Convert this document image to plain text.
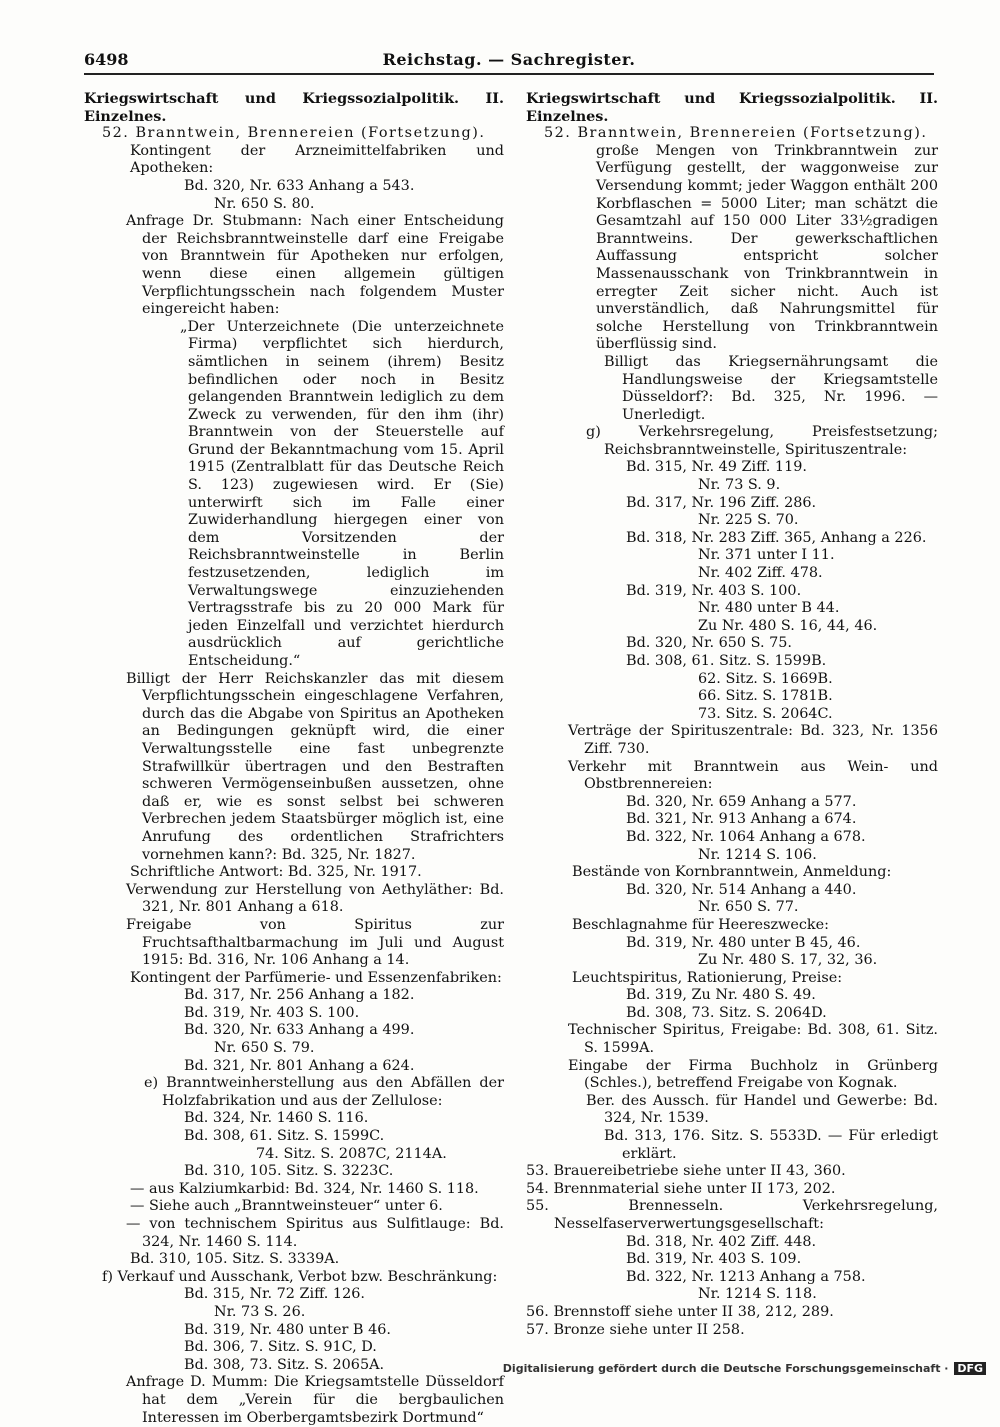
6498	Reichstag. — Sachregister.

Kriegswirtschaft und Kriegssozialpolitik. II. Einzelnes.

52. Branntwein, Brennereien (Fortsetzung).

Kontingent der Arzneimittelfabriken und Apotheken:

Bd. 320, Nr. 633 Anhang a 543.

Nr. 650 S. 80.

Anfrage Dr. Stubmann: Nach einer Entscheidung der Reichsbranntweinstelle darf eine Freigabe von Branntwein für Apotheken nur erfolgen, wenn diese einen allgemein gültigen Verpflichtungsschein nach folgendem Muster eingereicht haben:

„Der Unterzeichnete (Die unterzeichnete Firma) verpflichtet sich hierdurch, sämtlichen in seinem (ihrem) Besitz befindlichen oder noch in Besitz gelangenden Branntwein lediglich zu dem Zweck zu verwenden, für den ihm (ihr) Branntwein von der Steuerstelle auf Grund der Bekanntmachung vom 15. April 1915 (Zentralblatt für das Deutsche Reich S. 123) zugewiesen wird. Er (Sie) unterwirft sich im Falle einer Zuwiderhandlung hiergegen einer von dem Vorsitzenden der Reichsbranntweinstelle in Berlin festzusetzenden, lediglich im Verwaltungswege einzuziehenden Vertragsstrafe bis zu 20 000 Mark für jeden Einzelfall und verzichtet hierdurch ausdrücklich auf gerichtliche Entscheidung.“

Billigt der Herr Reichskanzler das mit diesem Verpflichtungsschein eingeschlagene Verfahren, durch das die Abgabe von Spiritus an Apotheken an Bedingungen geknüpft wird, die einer Verwaltungsstelle eine fast unbegrenzte Strafwillkür übertragen und den Bestraften schweren Vermögenseinbußen aussetzen, ohne daß er, wie es sonst selbst bei schweren Verbrechen jedem Staatsbürger möglich ist, eine Anrufung des ordentlichen Strafrichters vornehmen kann?: Bd. 325, Nr. 1827.

Schriftliche Antwort: Bd. 325, Nr. 1917.

Verwendung zur Herstellung von Aethyläther: Bd. 321, Nr. 801 Anhang a 618.

Freigabe von Spiritus zur Fruchtsafthaltbarmachung im Juli und August 1915: Bd. 316, Nr. 106 Anhang a 14.

Kontingent der Parfümerie- und Essenzenfabriken:

Bd. 317, Nr. 256 Anhang a 182.

Bd. 319, Nr. 403 S. 100.

Bd. 320, Nr. 633 Anhang a 499.

Nr. 650 S. 79.

Bd. 321, Nr. 801 Anhang a 624.

e) Branntweinherstellung aus den Abfällen der Holzfabrikation und aus der Zellulose:

Bd. 324, Nr. 1460 S. 116.

Bd. 308, 61. Sitz. S. 1599C.

74. Sitz. S. 2087C, 2114A.

Bd. 310, 105. Sitz. S. 3223C.

— aus Kalziumkarbid: Bd. 324, Nr. 1460 S. 118.

— Siehe auch „Branntweinsteuer“ unter 6.

— von technischem Spiritus aus Sulfitlauge: Bd. 324, Nr. 1460 S. 114.

Bd. 310, 105. Sitz. S. 3339A.

f) Verkauf und Ausschank, Verbot bzw. Beschränkung:

Bd. 315, Nr. 72 Ziff. 126.

Nr. 73 S. 26.

Bd. 319, Nr. 480 unter B 46.

Bd. 306, 7. Sitz. S. 91C, D.

Bd. 308, 73. Sitz. S. 2065A.

Anfrage D. Mumm: Die Kriegsamtstelle Düsseldorf hat dem „Verein für die bergbaulichen Interessen im Oberbergamtsbezirk Dortmund“

Kriegswirtschaft und Kriegssozialpolitik. II. Einzelnes.

52. Branntwein, Brennereien (Fortsetzung).

große Mengen von Trinkbranntwein zur Verfügung gestellt, der waggonweise zur Versendung kommt; jeder Waggon enthält 200 Korbflaschen = 5000 Liter; man schätzt die Gesamtzahl auf 150 000 Liter 33½gradigen Branntweins. Der gewerkschaftlichen Auffassung entspricht solcher Massenausschank von Trinkbranntwein in erregter Zeit sicher nicht. Auch ist unverständlich, daß Nahrungsmittel für solche Herstellung von Trinkbranntwein überflüssig sind.

Billigt das Kriegsernährungsamt die Handlungsweise der Kriegsamtstelle Düsseldorf?: Bd. 325, Nr. 1996. — Unerledigt.

g) Verkehrsregelung, Preisfestsetzung; Reichsbranntweinstelle, Spirituszentrale:

Bd. 315, Nr. 49 Ziff. 119.

Nr. 73 S. 9.

Bd. 317, Nr. 196 Ziff. 286.

Nr. 225 S. 70.

Bd. 318, Nr. 283 Ziff. 365, Anhang a 226.

Nr. 371 unter I 11.

Nr. 402 Ziff. 478.

Bd. 319, Nr. 403 S. 100.

Nr. 480 unter B 44.

Zu Nr. 480 S. 16, 44, 46.

Bd. 320, Nr. 650 S. 75.

Bd. 308, 61. Sitz. S. 1599B.

62. Sitz. S. 1669B.

66. Sitz. S. 1781B.

73. Sitz. S. 2064C.

Verträge der Spirituszentrale: Bd. 323, Nr. 1356 Ziff. 730.

Verkehr mit Branntwein aus Wein- und Obstbrennereien:

Bd. 320, Nr. 659 Anhang a 577.

Bd. 321, Nr. 913 Anhang a 674.

Bd. 322, Nr. 1064 Anhang a 678.

Nr. 1214 S. 106.

Bestände von Kornbranntwein, Anmeldung:

Bd. 320, Nr. 514 Anhang a 440.

Nr. 650 S. 77.

Beschlagnahme für Heereszwecke:

Bd. 319, Nr. 480 unter B 45, 46.

Zu Nr. 480 S. 17, 32, 36.

Leuchtspiritus, Rationierung, Preise:

Bd. 319, Zu Nr. 480 S. 49.

Bd. 308, 73. Sitz. S. 2064D.

Technischer Spiritus, Freigabe: Bd. 308, 61. Sitz. S. 1599A.

Eingabe der Firma Buchholz in Grünberg (Schles.), betreffend Freigabe von Kognak.

Ber. des Aussch. für Handel und Gewerbe: Bd. 324, Nr. 1539.

Bd. 313, 176. Sitz. S. 5533D. — Für erledigt erklärt.

53. Brauereibetriebe siehe unter II 43, 360.

54. Brennmaterial siehe unter II 173, 202.

55. Brennesseln. Verkehrsregelung, Nesselfaserverwertungsgesellschaft:

Bd. 318, Nr. 402 Ziff. 448.

Bd. 319, Nr. 403 S. 109.

Bd. 322, Nr. 1213 Anhang a 758.

Nr. 1214 S. 118.

56. Brennstoff siehe unter II 38, 212, 289.

57. Bronze siehe unter II 258.

Digitalisierung gefördert durch die Deutsche Forschungsgemeinschaft · DFG
